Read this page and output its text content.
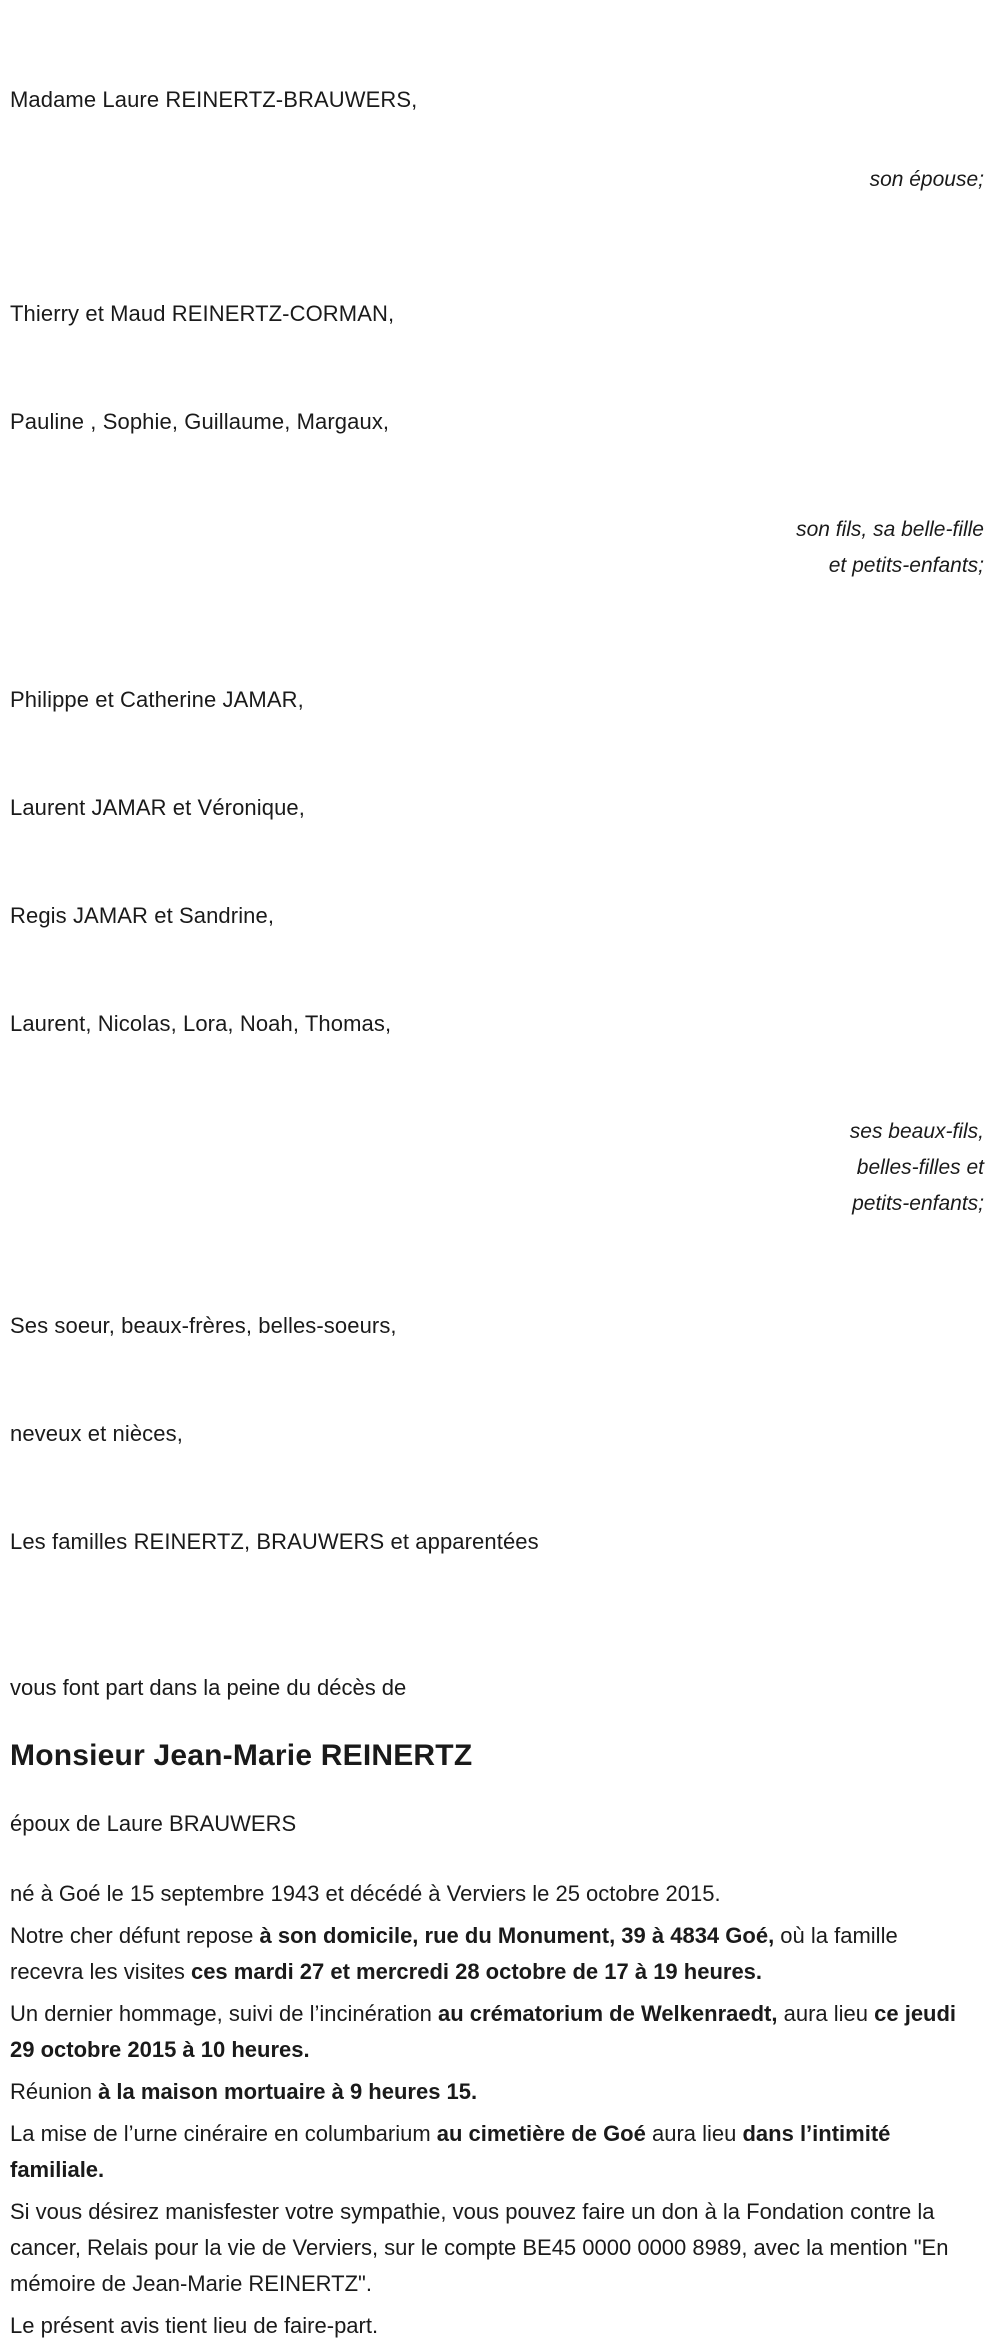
Madame Laure REINERTZ-BRAUWERS,

son épouse;

Thierry et Maud REINERTZ-CORMAN,

Pauline , Sophie, Guillaume, Margaux,

son fils, sa belle-fille
et petits-enfants;

Philippe et Catherine JAMAR,

Laurent JAMAR et Véronique,

Regis JAMAR et Sandrine,

Laurent, Nicolas, Lora, Noah, Thomas,

ses beaux-fils,
belles-filles et
petits-enfants;

Ses soeur, beaux-frères, belles-soeurs,

neveux et nièces,

Les familles REINERTZ, BRAUWERS et apparentées

vous font part dans la peine du décès de
Monsieur Jean-Marie REINERTZ
époux de Laure BRAUWERS

né à Goé le 15 septembre 1943 et décédé à Verviers le 25 octobre 2015.

Notre cher défunt repose à son domicile, rue du Monument, 39 à 4834 Goé, où la famille recevra les visites ces mardi 27 et mercredi 28 octobre de 17 à 19 heures.

Un dernier hommage, suivi de l’incinération au crématorium de Welkenraedt, aura lieu ce jeudi 29 octobre 2015 à 10 heures.

Réunion à la maison mortuaire à 9 heures 15.

La mise de l’urne cinéraire en columbarium au cimetière de Goé aura lieu dans l’intimité familiale.

Si vous désirez manisfester votre sympathie, vous pouvez faire un don à la Fondation contre la cancer, Relais pour la vie de Verviers, sur le compte BE45 0000 0000 8989, avec la mention "En mémoire de Jean-Marie REINERTZ".

Le présent avis tient lieu de faire-part.
